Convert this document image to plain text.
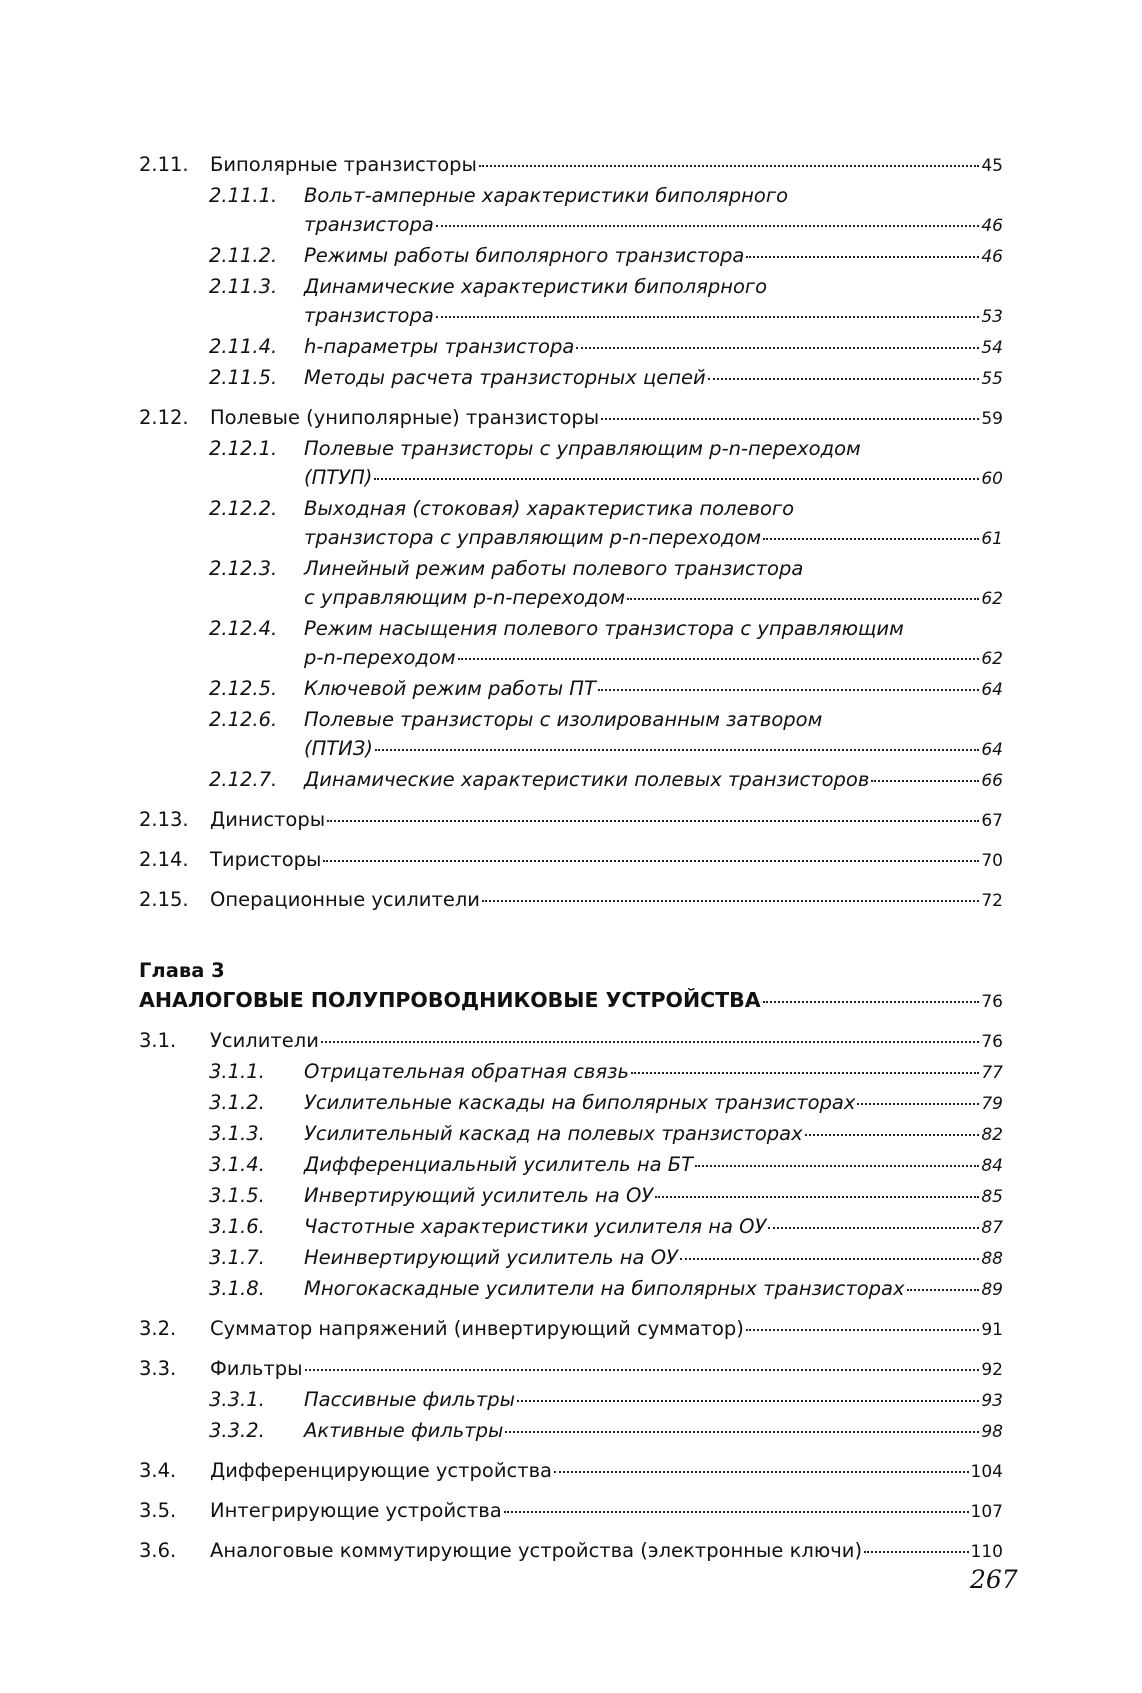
2.11.	Биполярные транзисторы	45
2.11.1. Вольт-амперные характеристики биполярного
транзистора	46
2.11.2. Режимы работы биполярного транзистора	46
2.11.3. Динамические характеристики биполярного
транзистора	53
2.11.4. h-параметры транзистора	54
2.11.5. Методы расчета транзисторных цепей	55
2.12.	Полевые (униполярные) транзисторы	59
2.12.1. Полевые транзисторы с управляющим p-n-переходом
(ПТУП)	60
2.12.2. Выходная (стоковая) характеристика полевого
транзистора с управляющим p-n-переходом	61
2.12.3. Линейный режим работы полевого транзистора
с управляющим p-n-переходом	62
2.12.4. Режим насыщения полевого транзистора с управляющим
p-n-переходом	62
2.12.5. Ключевой режим работы ПТ	64
2.12.6. Полевые транзисторы с изолированным затвором
(ПТИЗ)	64
2.12.7. Динамические характеристики полевых транзисторов	66
2.13.	Динисторы	67
2.14.	Тиристоры	70
2.15.	Операционные усилители	72
Глава 3
АНАЛОГОВЫЕ ПОЛУПРОВОДНИКОВЫЕ УСТРОЙСТВА	76
3.1.	Усилители	76
3.1.1. Отрицательная обратная связь	77
3.1.2. Усилительные каскады на биполярных транзисторах	79
3.1.3. Усилительный каскад на полевых транзисторах	82
3.1.4. Дифференциальный усилитель на БТ	84
3.1.5. Инвертирующий усилитель на ОУ	85
3.1.6. Частотные характеристики усилителя на ОУ	87
3.1.7. Неинвертирующий усилитель на ОУ	88
3.1.8. Многокаскадные усилители на биполярных транзисторах	89
3.2.	Сумматор напряжений (инвертирующий сумматор)	91
3.3.	Фильтры	92
3.3.1. Пассивные фильтры	93
3.3.2. Активные фильтры	98
3.4.	Дифференцирующие устройства	104
3.5.	Интегрирующие устройства	107
3.6.	Аналоговые коммутирующие устройства (электронные ключи)	110
267
